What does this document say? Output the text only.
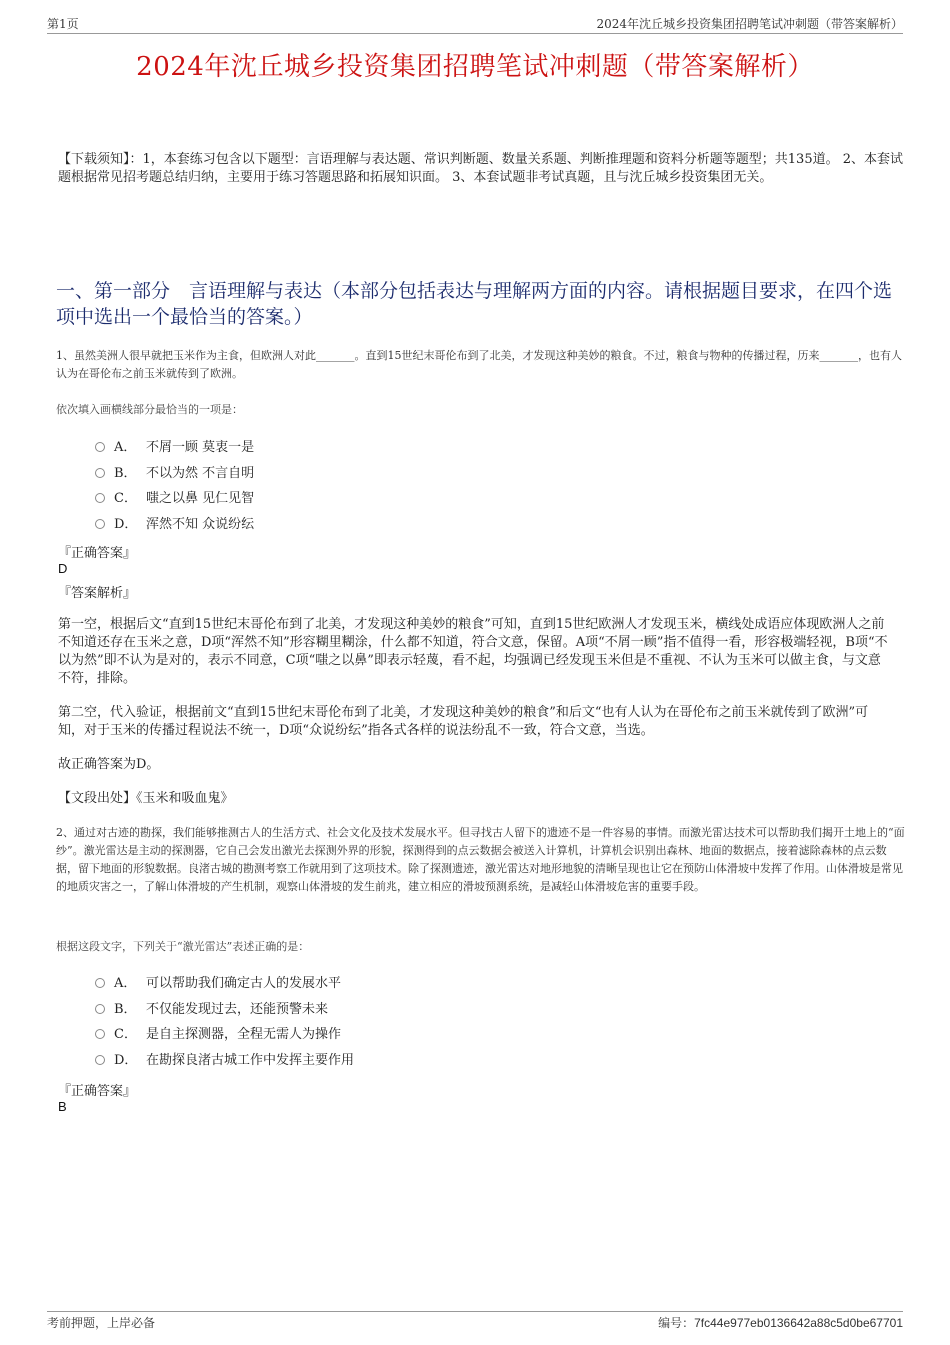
第1页	2024年沈丘城乡投资集团招聘笔试冲刺题（带答案解析）
2024年沈丘城乡投资集团招聘笔试冲刺题（带答案解析）
【下载须知】：1，本套练习包含以下题型：言语理解与表达题、常识判断题、数量关系题、判断推理题和资料分析题等题型；共135道。 2、本套试题根据常见招考题总结归纳，主要用于练习答题思路和拓展知识面。 3、本套试题非考试真题，且与沈丘城乡投资集团无关。
一、第一部分　言语理解与表达（本部分包括表达与理解两方面的内容。请根据题目要求，在四个选项中选出一个最恰当的答案。）
1、虽然美洲人很早就把玉米作为主食，但欧洲人对此_______。直到15世纪末哥伦布到了北美，才发现这种美妙的粮食。不过，粮食与物种的传播过程，历来_______，也有人认为在哥伦布之前玉米就传到了欧洲。
依次填入画横线部分最恰当的一项是：
A． 不屑一顾 莫衷一是
B． 不以为然 不言自明
C． 嗤之以鼻 见仁见智
D． 浑然不知 众说纷纭
『正确答案』
D
『答案解析』
第一空，根据后文“直到15世纪末哥伦布到了北美，才发现这种美妙的粮食”可知，直到15世纪欧洲人才发现玉米，横线处成语应体现欧洲人之前不知道还存在玉米之意，D项“浑然不知”形容糊里糊涂，什么都不知道，符合文意，保留。A项“不屑一顾”指不值得一看，形容极端轻视，B项“不以为然”即不认为是对的，表示不同意，C项“嗤之以鼻”即表示轻蔑，看不起，均强调已经发现玉米但是不重视、不认为玉米可以做主食，与文意不符，排除。
第二空，代入验证，根据前文“直到15世纪末哥伦布到了北美，才发现这种美妙的粮食”和后文“也有人认为在哥伦布之前玉米就传到了欧洲”可知，对于玉米的传播过程说法不统一，D项“众说纷纭”指各式各样的说法纷乱不一致，符合文意，当选。
故正确答案为D。
【文段出处】《玉米和吸血鬼》
2、通过对古迹的勘探，我们能够推测古人的生活方式、社会文化及技术发展水平。但寻找古人留下的遗迹不是一件容易的事情。而激光雷达技术可以帮助我们揭开土地上的“面纱”。激光雷达是主动的探测器，它自己会发出激光去探测外界的形貌，探测得到的点云数据会被送入计算机，计算机会识别出森林、地面的数据点，接着滤除森林的点云数据，留下地面的形貌数据。良渚古城的勘测考察工作就用到了这项技术。除了探测遗迹，激光雷达对地形地貌的清晰呈现也让它在预防山体滑坡中发挥了作用。山体滑坡是常见的地质灾害之一，了解山体滑坡的产生机制，观察山体滑坡的发生前兆，建立相应的滑坡预测系统，是减轻山体滑坡危害的重要手段。
根据这段文字，下列关于“激光雷达”表述正确的是：
A． 可以帮助我们确定古人的发展水平
B． 不仅能发现过去，还能预警未来
C． 是自主探测器，全程无需人为操作
D． 在勘探良渚古城工作中发挥主要作用
『正确答案』
B
考前押题，上岸必备	编号：7fc44e977eb0136642a88c5d0be67701
